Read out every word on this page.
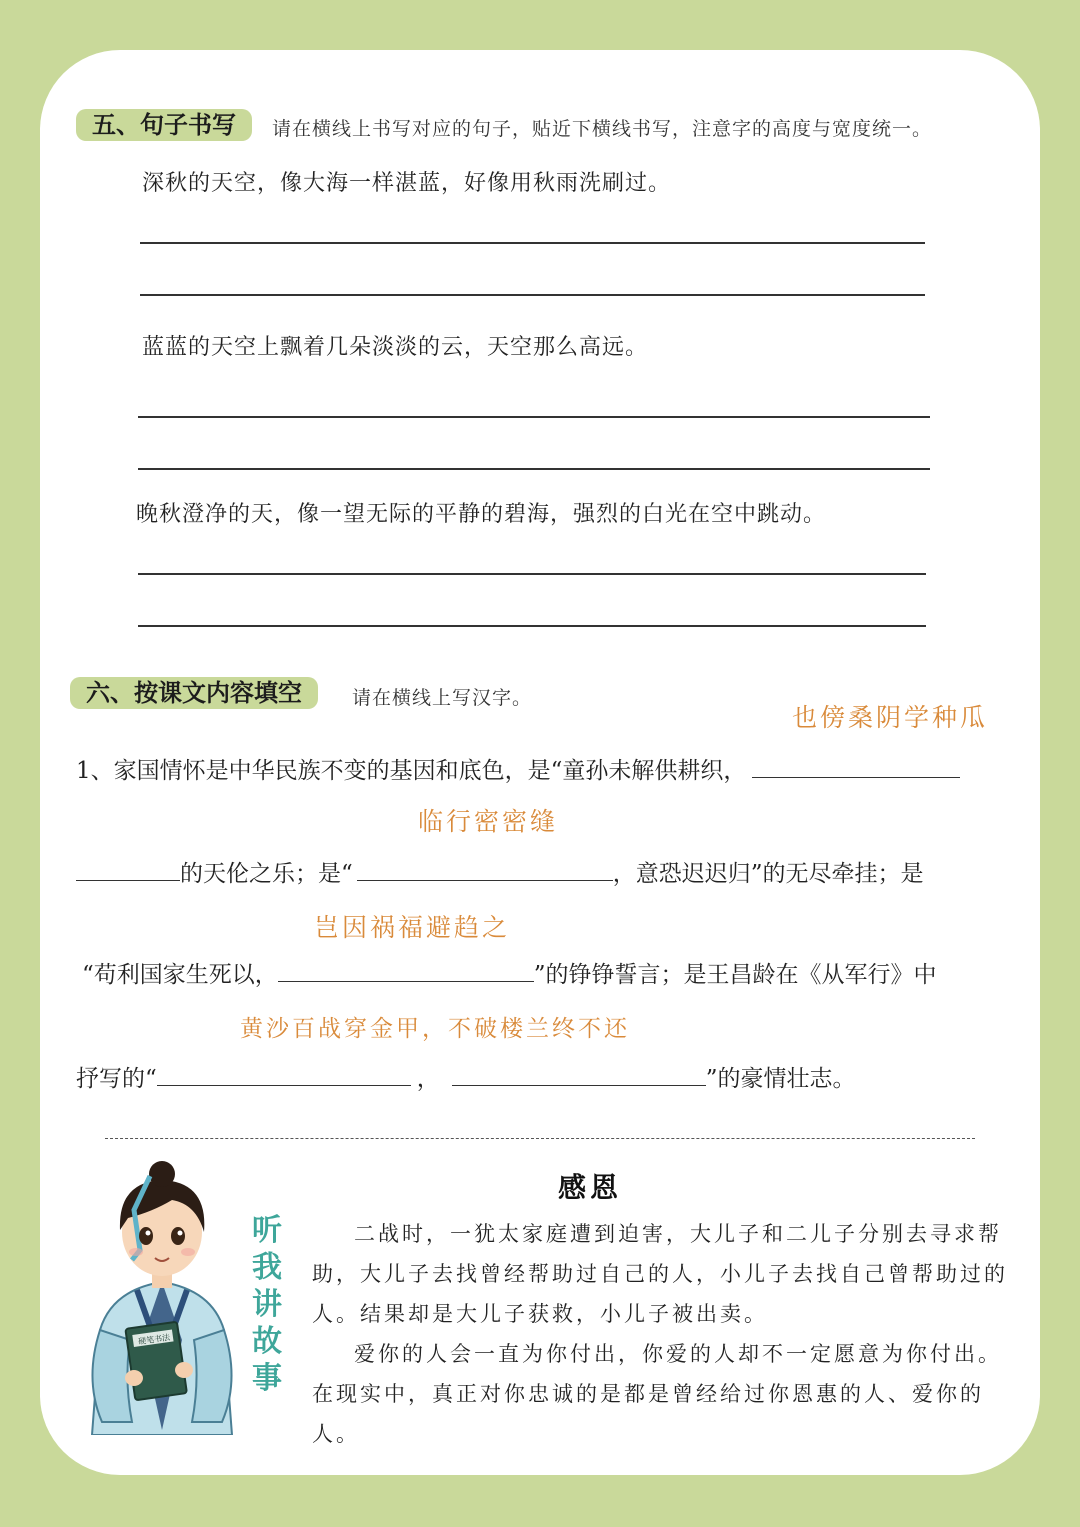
五、句子书写	请在横线上书写对应的句子，贴近下横线书写，注意字的高度与宽度统一。
深秋的天空，像大海一样湛蓝，好像用秋雨洗刷过。
蓝蓝的天空上飘着几朵淡淡的云，天空那么高远。
晚秋澄净的天，像一望无际的平静的碧海，强烈的白光在空中跳动。
六、按课文内容填空	请在横线上写汉字。
也傍桑阴学种瓜
1、家国情怀是中华民族不变的基因和底色，是“童孙未解供耕织，
临行密密缝
的天伦之乐；是“	，意恐迟迟归”的无尽牵挂；是
岂因祸福避趋之
“苟利国家生死以，	”的铮铮誓言；是王昌龄在《从军行》中
黄沙百战穿金甲，不破楼兰终不还
抒写的“	，	”的豪情壮志。
硬笔书法
听
我
讲
故
事
感恩

二战时，一犹太家庭遭到迫害，大儿子和二儿子分别去寻求帮助，大儿子去找曾经帮助过自己的人，小儿子去找自己曾帮助过的人。结果却是大儿子获救，小儿子被出卖。

爱你的人会一直为你付出，你爱的人却不一定愿意为你付出。在现实中，真正对你忠诚的是都是曾经给过你恩惠的人、爱你的人。
